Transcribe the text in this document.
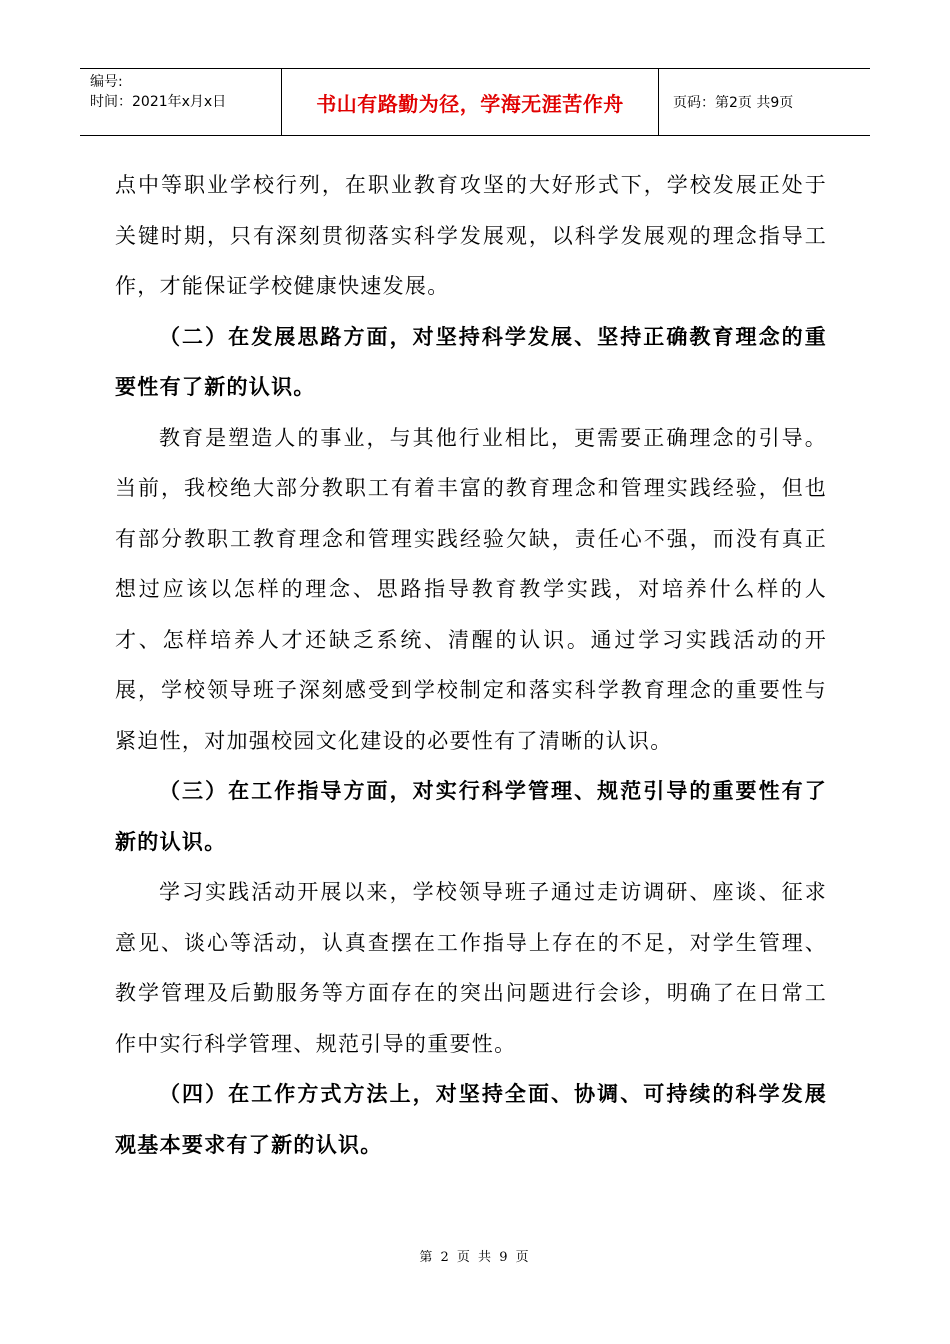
编号:
时间：2021年x月x日	书山有路勤为径，学海无涯苦作舟	页码：第2页 共9页

点中等职业学校行列，在职业教育攻坚的大好形式下，学校发展正处于关键时期，只有深刻贯彻落实科学发展观，以科学发展观的理念指导工作，才能保证学校健康快速发展。

（二）在发展思路方面，对坚持科学发展、坚持正确教育理念的重要性有了新的认识。

教育是塑造人的事业，与其他行业相比，更需要正确理念的引导。当前，我校绝大部分教职工有着丰富的教育理念和管理实践经验，但也有部分教职工教育理念和管理实践经验欠缺，责任心不强，而没有真正想过应该以怎样的理念、思路指导教育教学实践，对培养什么样的人才、怎样培养人才还缺乏系统、清醒的认识。通过学习实践活动的开展，学校领导班子深刻感受到学校制定和落实科学教育理念的重要性与紧迫性，对加强校园文化建设的必要性有了清晰的认识。

（三）在工作指导方面，对实行科学管理、规范引导的重要性有了新的认识。

学习实践活动开展以来，学校领导班子通过走访调研、座谈、征求意见、谈心等活动，认真查摆在工作指导上存在的不足，对学生管理、教学管理及后勤服务等方面存在的突出问题进行会诊，明确了在日常工作中实行科学管理、规范引导的重要性。

（四）在工作方式方法上，对坚持全面、协调、可持续的科学发展观基本要求有了新的认识。

第 2 页 共 9 页
